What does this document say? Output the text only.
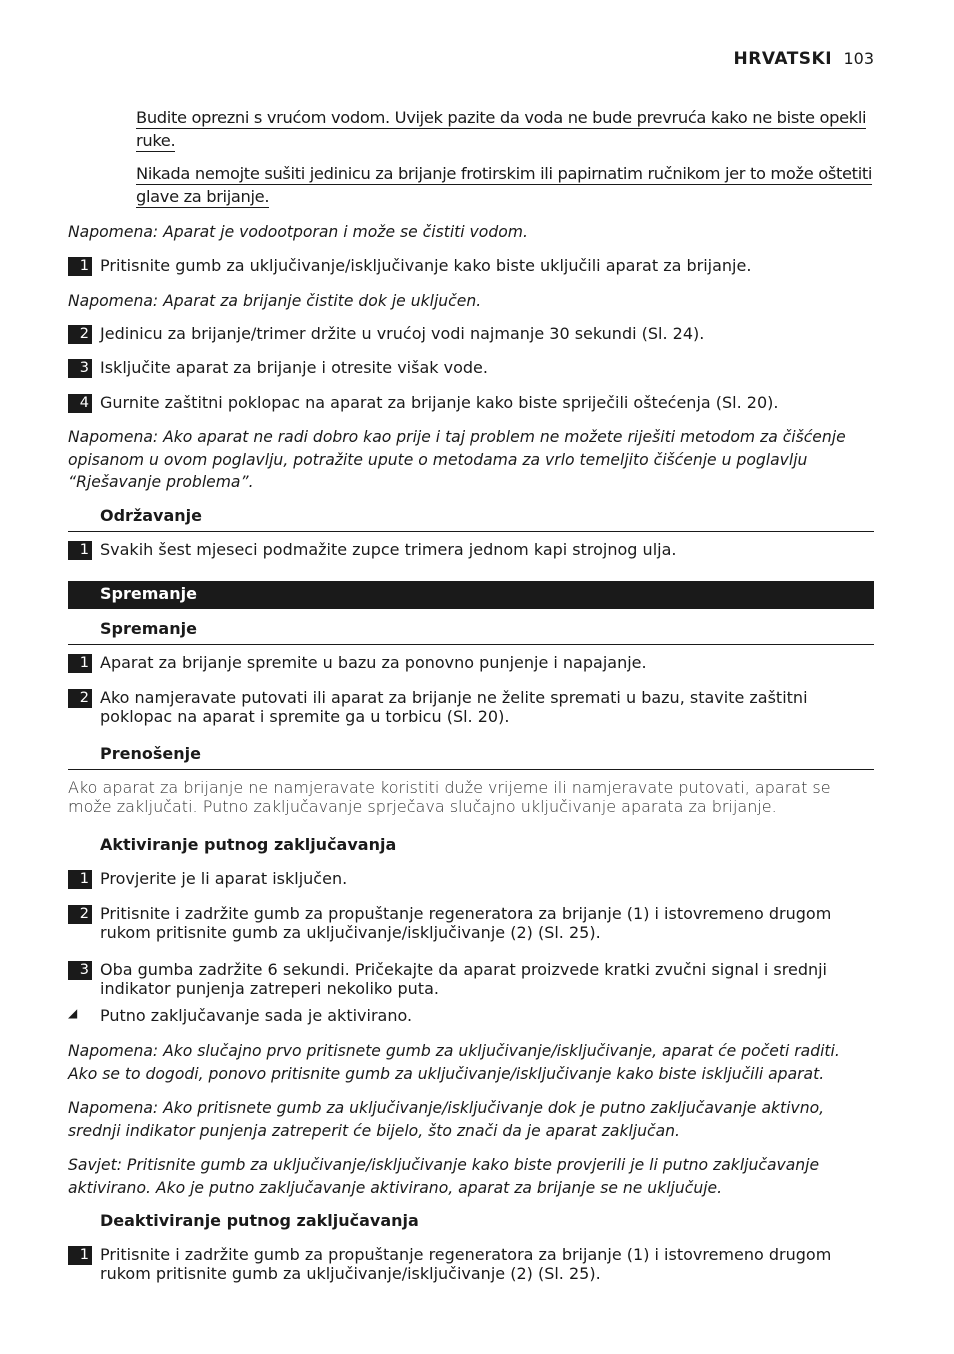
HRVATSKI 103
Budite oprezni s vrućom vodom. Uvijek pazite da voda ne bude prevruća kako ne biste opekli
ruke.
Nikada nemojte sušiti jedinicu za brijanje frotirskim ili papirnatim ručnikom jer to može oštetiti
glave za brijanje.
Napomena: Aparat je vodootporan i može se čistiti vodom.
1 Pritisnite gumb za uključivanje/isključivanje kako biste uključili aparat za brijanje.
Napomena: Aparat za brijanje čistite dok je uključen.
2 Jedinicu za brijanje/trimer držite u vrućoj vodi najmanje 30 sekundi (Sl. 24).
3 Isključite aparat za brijanje i otresite višak vode.
4 Gurnite zaštitni poklopac na aparat za brijanje kako biste spriječili oštećenja (Sl. 20).
Napomena: Ako aparat ne radi dobro kao prije i taj problem ne možete riješiti metodom za čišćenje opisanom u ovom poglavlju, potražite upute o metodama za vrlo temeljito čišćenje u poglavlju “Rješavanje problema”.
Održavanje
1 Svakih šest mjeseci podmažite zupce trimera jednom kapi strojnog ulja.
Spremanje
Spremanje
1 Aparat za brijanje spremite u bazu za ponovno punjenje i napajanje.
2 Ako namjeravate putovati ili aparat za brijanje ne želite spremati u bazu, stavite zaštitni poklopac na aparat i spremite ga u torbicu (Sl. 20).
Prenošenje
Ako aparat za brijanje ne namjeravate koristiti duže vrijeme ili namjeravate putovati, aparat se može zaključati. Putno zaključavanje sprječava slučajno uključivanje aparata za brijanje.
Aktiviranje putnog zaključavanja
1 Provjerite je li aparat isključen.
2 Pritisnite i zadržite gumb za propuštanje regeneratora za brijanje (1) i istovremeno drugom rukom pritisnite gumb za uključivanje/isključivanje (2) (Sl. 25).
3 Oba gumba zadržite 6 sekundi. Pričekajte da aparat proizvede kratki zvučni signal i srednji indikator punjenja zatreperi nekoliko puta.
◢ Putno zaključavanje sada je aktivirano.
Napomena: Ako slučajno prvo pritisnete gumb za uključivanje/isključivanje, aparat će početi raditi. Ako se to dogodi, ponovo pritisnite gumb za uključivanje/isključivanje kako biste isključili aparat.
Napomena: Ako pritisnete gumb za uključivanje/isključivanje dok je putno zaključavanje aktivno, srednji indikator punjenja zatreperit će bijelo, što znači da je aparat zaključan.
Savjet: Pritisnite gumb za uključivanje/isključivanje kako biste provjerili je li putno zaključavanje aktivirano. Ako je putno zaključavanje aktivirano, aparat za brijanje se ne uključuje.
Deaktiviranje putnog zaključavanja
1 Pritisnite i zadržite gumb za propuštanje regeneratora za brijanje (1) i istovremeno drugom rukom pritisnite gumb za uključivanje/isključivanje (2) (Sl. 25).
